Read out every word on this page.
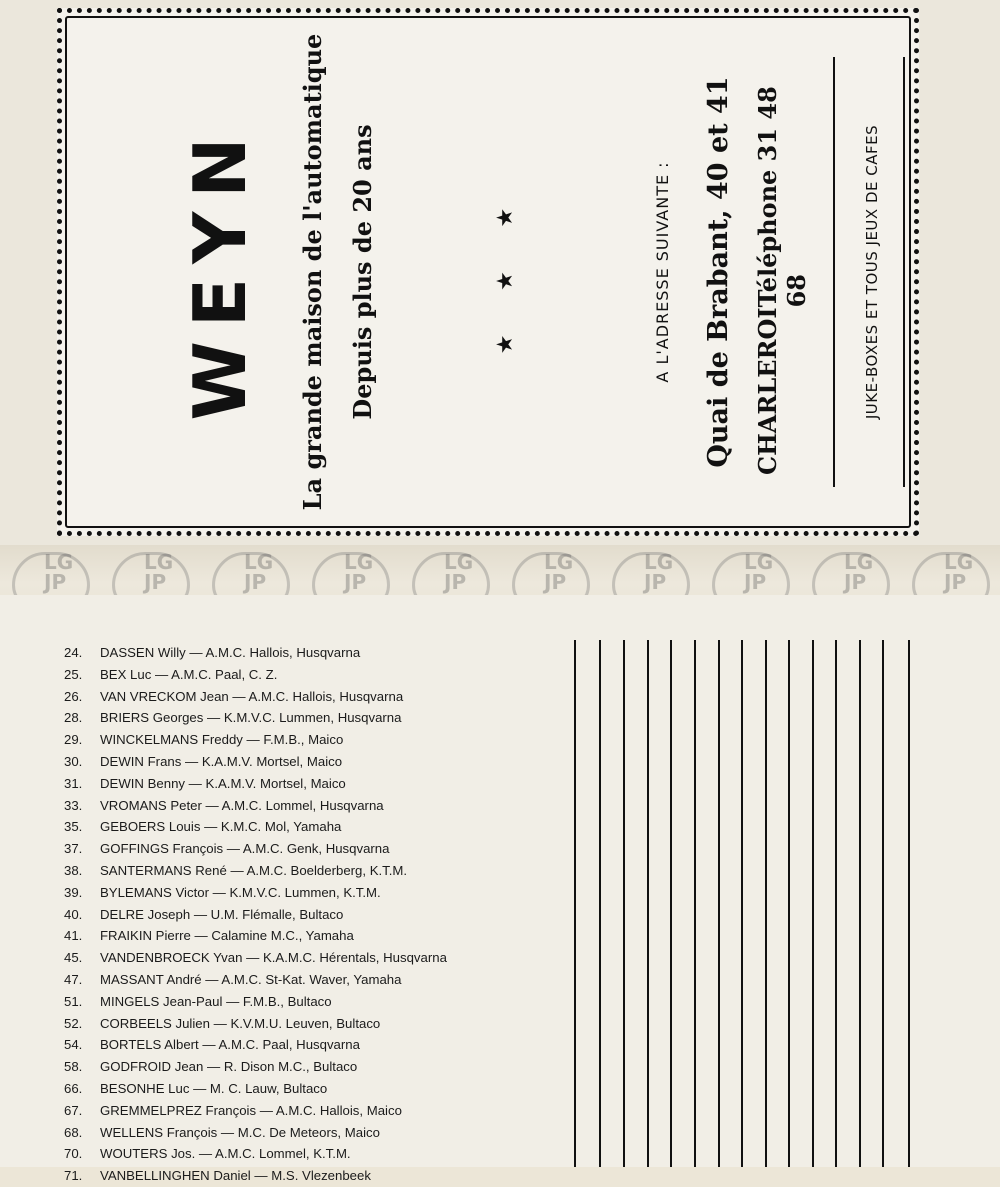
WEYN La grande maison de l'automatique Depuis plus de 20 ans	★ ★ ★	A L'ADRESSE SUIVANTE : Quai de Brabant, 40 et 41 CHARLEROI
Téléphone 31 48 68	JUKE-BOXES ET TOUS JEUX DE CAFES
LG JP
LG JP
LG JP
LG JP
LG JP
LG JP
LG JP
LG JP
LG JP
LG JP
24. DASSEN Willy — A.M.C. Hallois, Husqvarna
25. BEX Luc — A.M.C. Paal, C. Z.
26. VAN VRECKOM Jean — A.M.C. Hallois, Husqvarna
28. BRIERS Georges — K.M.V.C. Lummen, Husqvarna
29. WINCKELMANS Freddy — F.M.B., Maico
30. DEWIN Frans — K.A.M.V. Mortsel, Maico
31. DEWIN Benny — K.A.M.V. Mortsel, Maico
33. VROMANS Peter — A.M.C. Lommel, Husqvarna
35. GEBOERS Louis — K.M.C. Mol, Yamaha
37. GOFFINGS François — A.M.C. Genk, Husqvarna
38. SANTERMANS René — A.M.C. Boelderberg, K.T.M.
39. BYLEMANS Victor — K.M.V.C. Lummen, K.T.M.
40. DELRE Joseph — U.M. Flémalle, Bultaco
41. FRAIKIN Pierre — Calamine M.C., Yamaha
45. VANDENBROECK Yvan — K.A.M.C. Hérentals, Husqvarna
47. MASSANT André — A.M.C. St-Kat. Waver, Yamaha
51. MINGELS Jean-Paul — F.M.B., Bultaco
52. CORBEELS Julien — K.V.M.U. Leuven, Bultaco
54. BORTELS Albert — A.M.C. Paal, Husqvarna
58. GODFROID Jean — R. Dison M.C., Bultaco
66. BESONHE Luc — M. C. Lauw, Bultaco
67. GREMMELPREZ François — A.M.C. Hallois, Maico
68. WELLENS François — M.C. De Meteors, Maico
70. WOUTERS Jos. — A.M.C. Lommel, K.T.M.
71. VANBELLINGHEN Daniel — M.S. Vlezenbeek
